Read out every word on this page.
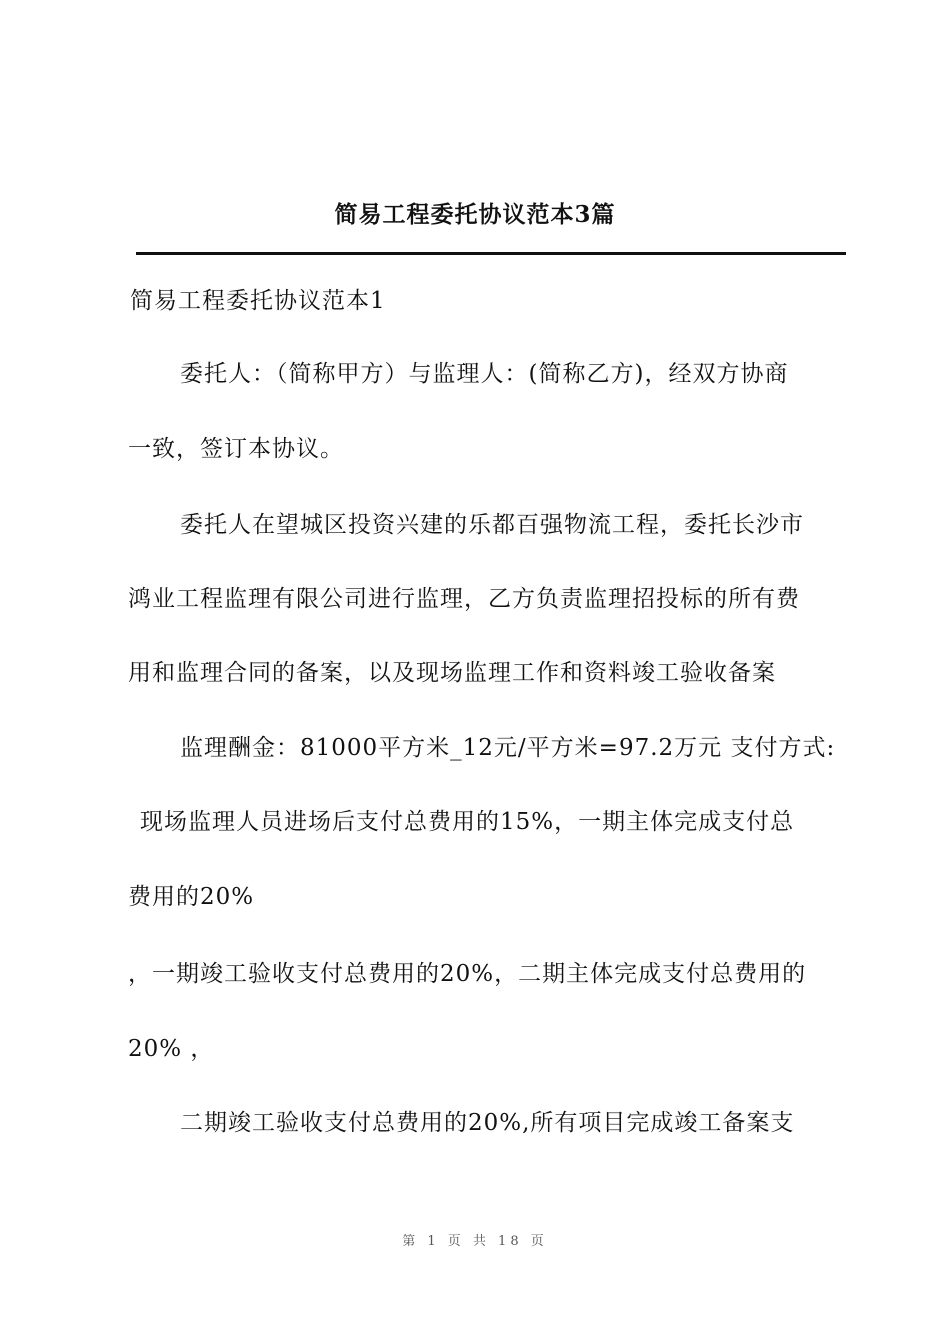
简易工程委托协议范本3篇
简易工程委托协议范本1
委托人：（简称甲方）与监理人：(简称乙方)，经双方协商
一致，签订本协议。
委托人在望城区投资兴建的乐都百强物流工程，委托长沙市
鸿业工程监理有限公司进行监理，乙方负责监理招投标的所有费
用和监理合同的备案，以及现场监理工作和资料竣工验收备案
监理酬金：81000平方米_12元/平方米=97.2万元 支付方式:
现场监理人员进场后支付总费用的15%，一期主体完成支付总
费用的20%
，一期竣工验收支付总费用的20%，二期主体完成支付总费用的
20% ，
二期竣工验收支付总费用的20%,所有项目完成竣工备案支
第 1 页 共 18 页
